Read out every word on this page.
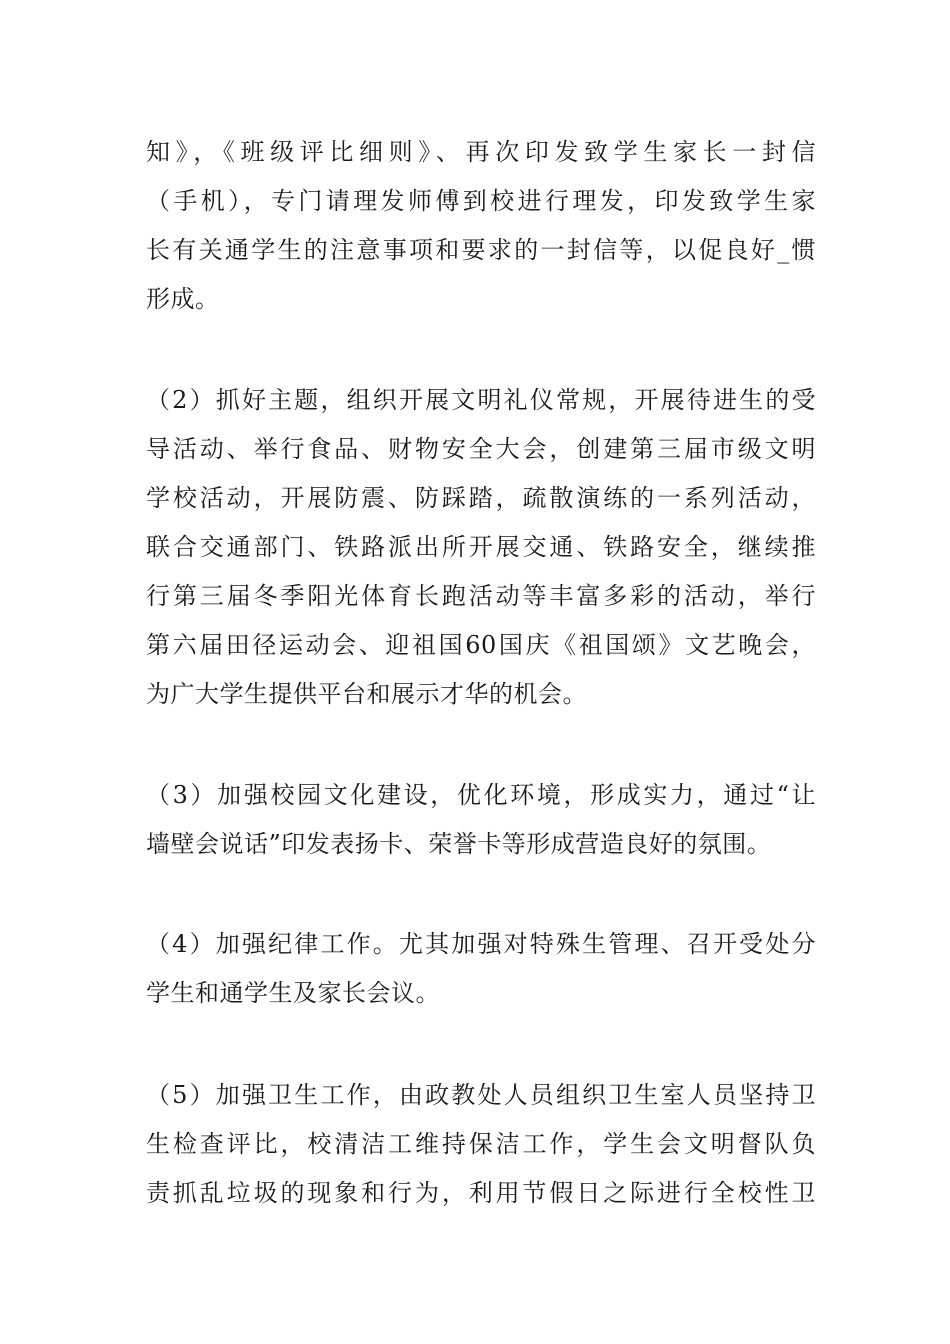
知》，《班级评比细则》、再次印发致学生家长一封信
（手机），专门请理发师傅到校进行理发，印发致学生家
长有关通学生的注意事项和要求的一封信等，以促良好_惯
形成。
（2）抓好主题，组织开展文明礼仪常规，开展待进生的受
导活动、举行食品、财物安全大会，创建第三届市级文明
学校活动，开展防震、防踩踏，疏散演练的一系列活动，
联合交通部门、铁路派出所开展交通、铁路安全，继续推
行第三届冬季阳光体育长跑活动等丰富多彩的活动，举行
第六届田径运动会、迎祖国60国庆《祖国颂》文艺晚会，
为广大学生提供平台和展示才华的机会。
（3）加强校园文化建设，优化环境，形成实力，通过“让
墙壁会说话”印发表扬卡、荣誉卡等形成营造良好的氛围。
（4）加强纪律工作。尤其加强对特殊生管理、召开受处分
学生和通学生及家长会议。
（5）加强卫生工作，由政教处人员组织卫生室人员坚持卫
生检查评比，校清洁工维持保洁工作，学生会文明督队负
责抓乱垃圾的现象和行为，利用节假日之际进行全校性卫
